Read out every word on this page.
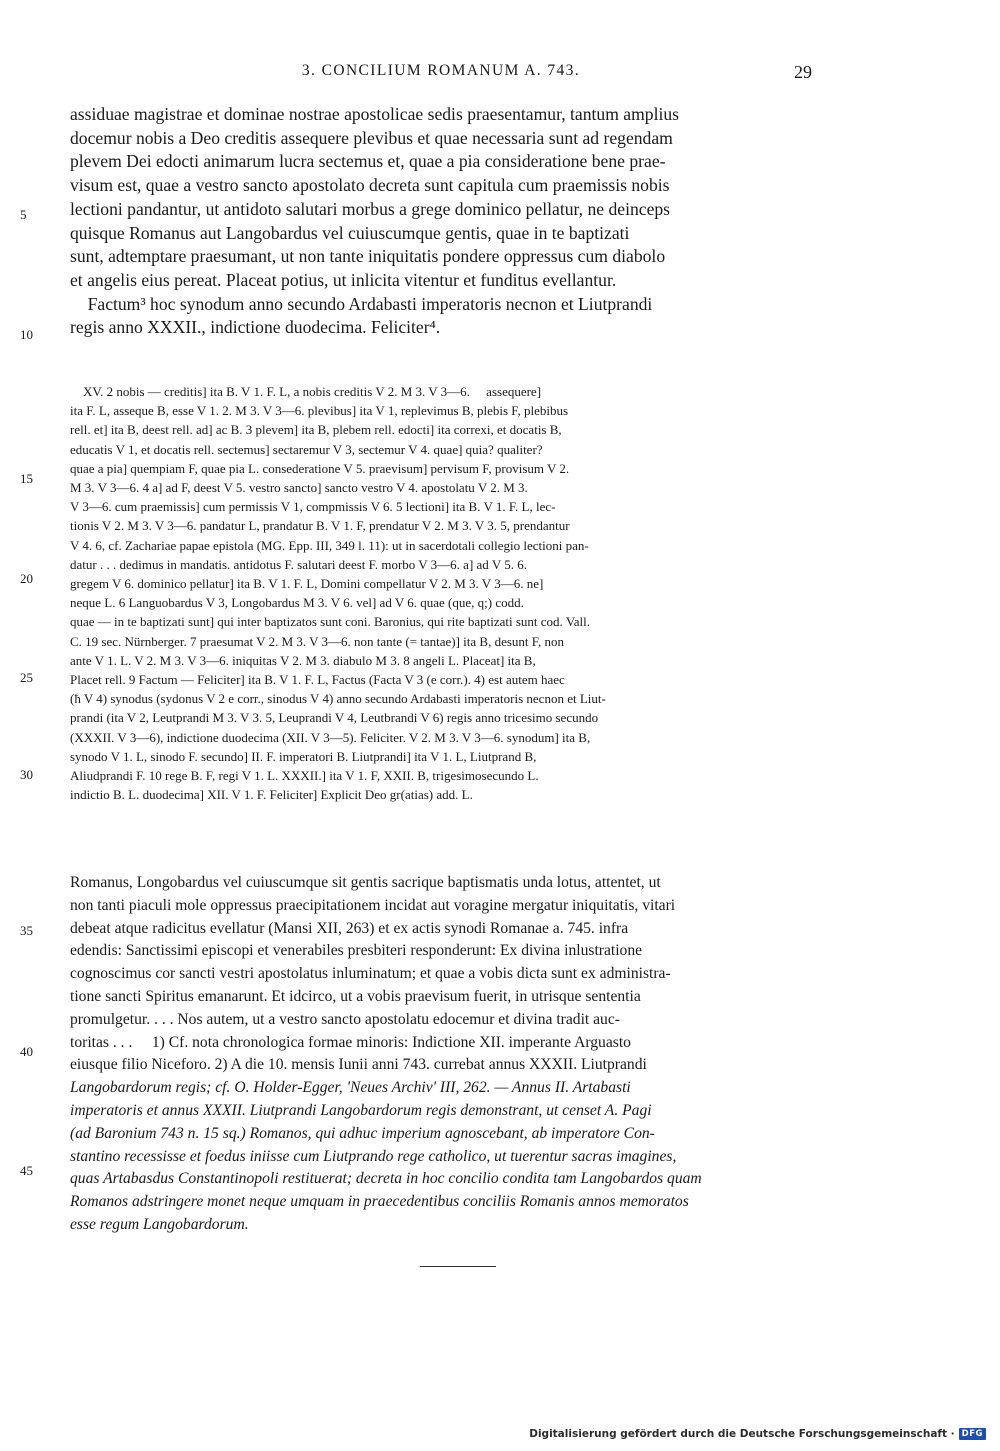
3. CONCILIUM ROMANUM A. 743.	29
5
10
15
20
25
30
35
40
45
assiduae magistrae et dominae nostrae apostolicae sedis praesentamur, tantum amplius
docemur nobis a Deo creditis assequere plevibus et quae necessaria sunt ad regendam
plevem Dei edocti animarum lucra sectemus et, quae a pia consideratione bene prae-
visum est, quae a vestro sancto apostolato decreta sunt capitula cum praemissis nobis
lectioni pandantur, ut antidoto salutari morbus a grege dominico pellatur, ne deinceps
quisque Romanus aut Langobardus vel cuiuscumque gentis, quae in te baptizati
sunt, adtemptare praesumant, ut non tante iniquitatis pondere oppressus cum diabolo
et angelis eius pereat. Placeat potius, ut inlicita vitentur et funditus evellantur.
Factum³ hoc synodum anno secundo Ardabasti imperatoris necnon et Liutprandi
regis anno XXXII., indictione duodecima. Feliciter⁴.
XV. 2 nobis — creditis] ita B. V 1. F. L, a nobis creditis V 2. M 3. V 3—6.     assequere]
ita F. L, asseque B, esse V 1. 2. M 3. V 3—6. plevibus] ita V 1, replevimus B, plebis F, plebibus
rell. et] ita B, deest rell. ad] ac B. 3 plevem] ita B, plebem rell. edocti] ita correxi, et docatis B,
educatis V 1, et docatis rell. sectemus] sectaremur V 3, sectemur V 4. quae] quia? qualiter?
quae a pia] quempiam F, quae pia L. consederatione V 5. praevisum] pervisum F, provisum V 2.
M 3. V 3—6. 4 a] ad F, deest V 5. vestro sancto] sancto vestro V 4. apostolatu V 2. M 3.
V 3—6. cum praemissis] cum permissis V 1, compmissis V 6. 5 lectioni] ita B. V 1. F. L, lec-
tionis V 2. M 3. V 3—6. pandatur L, prandatur B. V 1. F, prendatur V 2. M 3. V 3. 5, prendantur
V 4. 6, cf. Zachariae papae epistola (MG. Epp. III, 349 l. 11): ut in sacerdotali collegio lectioni pan-
datur . . . dedimus in mandatis. antidotus F. salutari deest F. morbo V 3—6. a] ad V 5. 6.
gregem V 6. dominico pellatur] ita B. V 1. F. L, Domini compellatur V 2. M 3. V 3—6. ne]
neque L. 6 Languobardus V 3, Longobardus M 3. V 6. vel] ad V 6. quae (que, q;) codd.
quae — in te baptizati sunt] qui inter baptizatos sunt coni. Baronius, qui rite baptizati sunt cod. Vall.
C. 19 sec. Nürnberger. 7 praesumat V 2. M 3. V 3—6. non tante (= tantae)] ita B, desunt F, non
ante V 1. L. V 2. M 3. V 3—6. iniquitas V 2. M 3. diabulo M 3. 8 angeli L. Placeat] ita B,
Placet rell. 9 Factum — Feliciter] ita B. V 1. F. L, Factus (Facta V 3 (e corr.). 4) est autem haec
(ħ V 4) synodus (sydonus V 2 e corr., sinodus V 4) anno secundo Ardabasti imperatoris necnon et Liut-
prandi (ita V 2, Leutprandi M 3. V 3. 5, Leuprandi V 4, Leutbrandi V 6) regis anno tricesimo secundo
(XXXII. V 3—6), indictione duodecima (XII. V 3—5). Feliciter. V 2. M 3. V 3—6. synodum] ita B,
synodo V 1. L, sinodo F. secundo] II. F. imperatori B. Liutprandi] ita V 1. L, Liutprand B,
Aliudprandi F. 10 rege B. F, regi V 1. L. XXXII.] ita V 1. F, XXII. B, trigesimosecundo L.
indictio B. L. duodecima] XII. V 1. F. Feliciter] Explicit Deo gr(atias) add. L.
Romanus, Longobardus vel cuiuscumque sit gentis sacrique baptismatis unda lotus, attentet, ut
non tanti piaculi mole oppressus praecipitationem incidat aut voragine mergatur iniquitatis, vitari
debeat atque radicitus evellatur (Mansi XII, 263) et ex actis synodi Romanae a. 745. infra
edendis: Sanctissimi episcopi et venerabiles presbiteri responderunt: Ex divina inlustratione
cognoscimus cor sancti vestri apostolatus inluminatum; et quae a vobis dicta sunt ex administra-
tione sancti Spiritus emanarunt. Et idcirco, ut a vobis praevisum fuerit, in utrisque sententia
promulgetur. . . . Nos autem, ut a vestro sancto apostolatu edocemur et divina tradit auc-
toritas . . .     1) Cf. nota chronologica formae minoris: Indictione XII. imperante Arguasto
eiusque filio Niceforo. 2) A die 10. mensis Iunii anni 743. currebat annus XXXII. Liutprandi
Langobardorum regis; cf. O. Holder-Egger, 'Neues Archiv' III, 262. — Annus II. Artabasti
imperatoris et annus XXXII. Liutprandi Langobardorum regis demonstrant, ut censet A. Pagi
(ad Baronium 743 n. 15 sq.) Romanos, qui adhuc imperium agnoscebant, ab imperatore Con-
stantino recessisse et foedus iniisse cum Liutprando rege catholico, ut tuerentur sacras imagines,
quas Artabasdus Constantinopoli restituerat; decreta in hoc concilio condita tam Langobardos quam
Romanos adstringere monet neque umquam in praecedentibus conciliis Romanis annos memoratos
esse regum Langobardorum.
Digitalisierung gefördert durch die Deutsche Forschungsgemeinschaft · DFG
